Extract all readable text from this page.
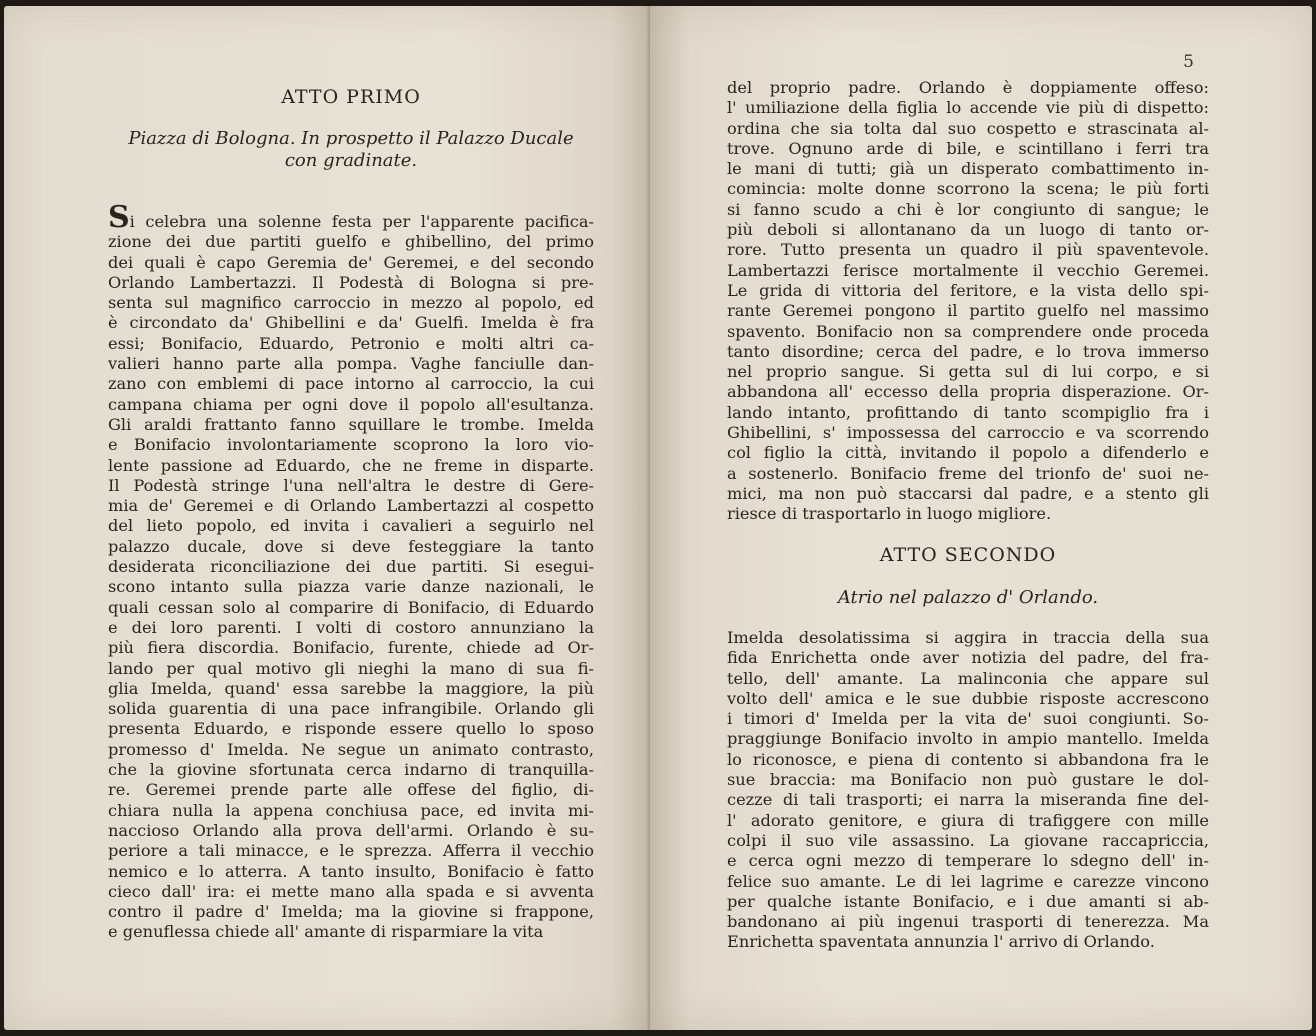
ATTO PRIMO
Piazza di Bologna. In prospetto il Palazzo Ducale
con gradinate.

Si celebra una solenne festa per l'apparente pacifica-

zione dei due partiti guelfo e ghibellino, del primo

dei quali è capo Geremia de' Geremei, e del secondo

Orlando Lambertazzi. Il Podestà di Bologna si pre-

senta sul magnifico carroccio in mezzo al popolo, ed

è circondato da' Ghibellini e da' Guelfi. Imelda è fra

essi; Bonifacio, Eduardo, Petronio e molti altri ca-

valieri hanno parte alla pompa. Vaghe fanciulle dan-

zano con emblemi di pace intorno al carroccio, la cui

campana chiama per ogni dove il popolo all'esultanza.

Gli araldi frattanto fanno squillare le trombe. Imelda

e Bonifacio involontariamente scoprono la loro vio-

lente passione ad Eduardo, che ne freme in disparte.

Il Podestà stringe l'una nell'altra le destre di Gere-

mia de' Geremei e di Orlando Lambertazzi al cospetto

del lieto popolo, ed invita i cavalieri a seguirlo nel

palazzo ducale, dove si deve festeggiare la tanto

desiderata riconciliazione dei due partiti. Si esegui-

scono intanto sulla piazza varie danze nazionali, le

quali cessan solo al comparire di Bonifacio, di Eduardo

e dei loro parenti. I volti di costoro annunziano la

più fiera discordia. Bonifacio, furente, chiede ad Or-

lando per qual motivo gli nieghi la mano di sua fi-

glia Imelda, quand' essa sarebbe la maggiore, la più

solida guarentia di una pace infrangibile. Orlando gli

presenta Eduardo, e risponde essere quello lo sposo

promesso d' Imelda. Ne segue un animato contrasto,

che la giovine sfortunata cerca indarno di tranquilla-

re. Geremei prende parte alle offese del figlio, di-

chiara nulla la appena conchiusa pace, ed invita mi-

naccioso Orlando alla prova dell'armi. Orlando è su-

periore a tali minacce, e le sprezza. Afferra il vecchio

nemico e lo atterra. A tanto insulto, Bonifacio è fatto

cieco dall' ira: ei mette mano alla spada e si avventa

contro il padre d' Imelda; ma la giovine si frappone,

e genuflessa chiede all' amante di risparmiare la vita

5

del proprio padre. Orlando è doppiamente offeso:

l' umiliazione della figlia lo accende vie più di dispetto:

ordina che sia tolta dal suo cospetto e strascinata al-

trove. Ognuno arde di bile, e scintillano i ferri tra

le mani di tutti; già un disperato combattimento in-

comincia: molte donne scorrono la scena; le più forti

si fanno scudo a chi è lor congiunto di sangue; le

più deboli si allontanano da un luogo di tanto or-

rore. Tutto presenta un quadro il più spaventevole.

Lambertazzi ferisce mortalmente il vecchio Geremei.

Le grida di vittoria del feritore, e la vista dello spi-

rante Geremei pongono il partito guelfo nel massimo

spavento. Bonifacio non sa comprendere onde proceda

tanto disordine; cerca del padre, e lo trova immerso

nel proprio sangue. Si getta sul di lui corpo, e si

abbandona all' eccesso della propria disperazione. Or-

lando intanto, profittando di tanto scompiglio fra i

Ghibellini, s' impossessa del carroccio e va scorrendo

col figlio la città, invitando il popolo a difenderlo e

a sostenerlo. Bonifacio freme del trionfo de' suoi ne-

mici, ma non può staccarsi dal padre, e a stento gli

riesce di trasportarlo in luogo migliore.

ATTO SECONDO
Atrio nel palazzo d' Orlando.

Imelda desolatissima si aggira in traccia della sua

fida Enrichetta onde aver notizia del padre, del fra-

tello, dell' amante. La malinconia che appare sul

volto dell' amica e le sue dubbie risposte accrescono

i timori d' Imelda per la vita de' suoi congiunti. So-

praggiunge Bonifacio involto in ampio mantello. Imelda

lo riconosce, e piena di contento si abbandona fra le

sue braccia: ma Bonifacio non può gustare le dol-

cezze di tali trasporti; ei narra la miseranda fine del-

l' adorato genitore, e giura di trafiggere con mille

colpi il suo vile assassino. La giovane raccapriccia,

e cerca ogni mezzo di temperare lo sdegno dell' in-

felice suo amante. Le di lei lagrime e carezze vincono

per qualche istante Bonifacio, e i due amanti si ab-

bandonano ai più ingenui trasporti di tenerezza. Ma

Enrichetta spaventata annunzia l' arrivo di Orlando.
